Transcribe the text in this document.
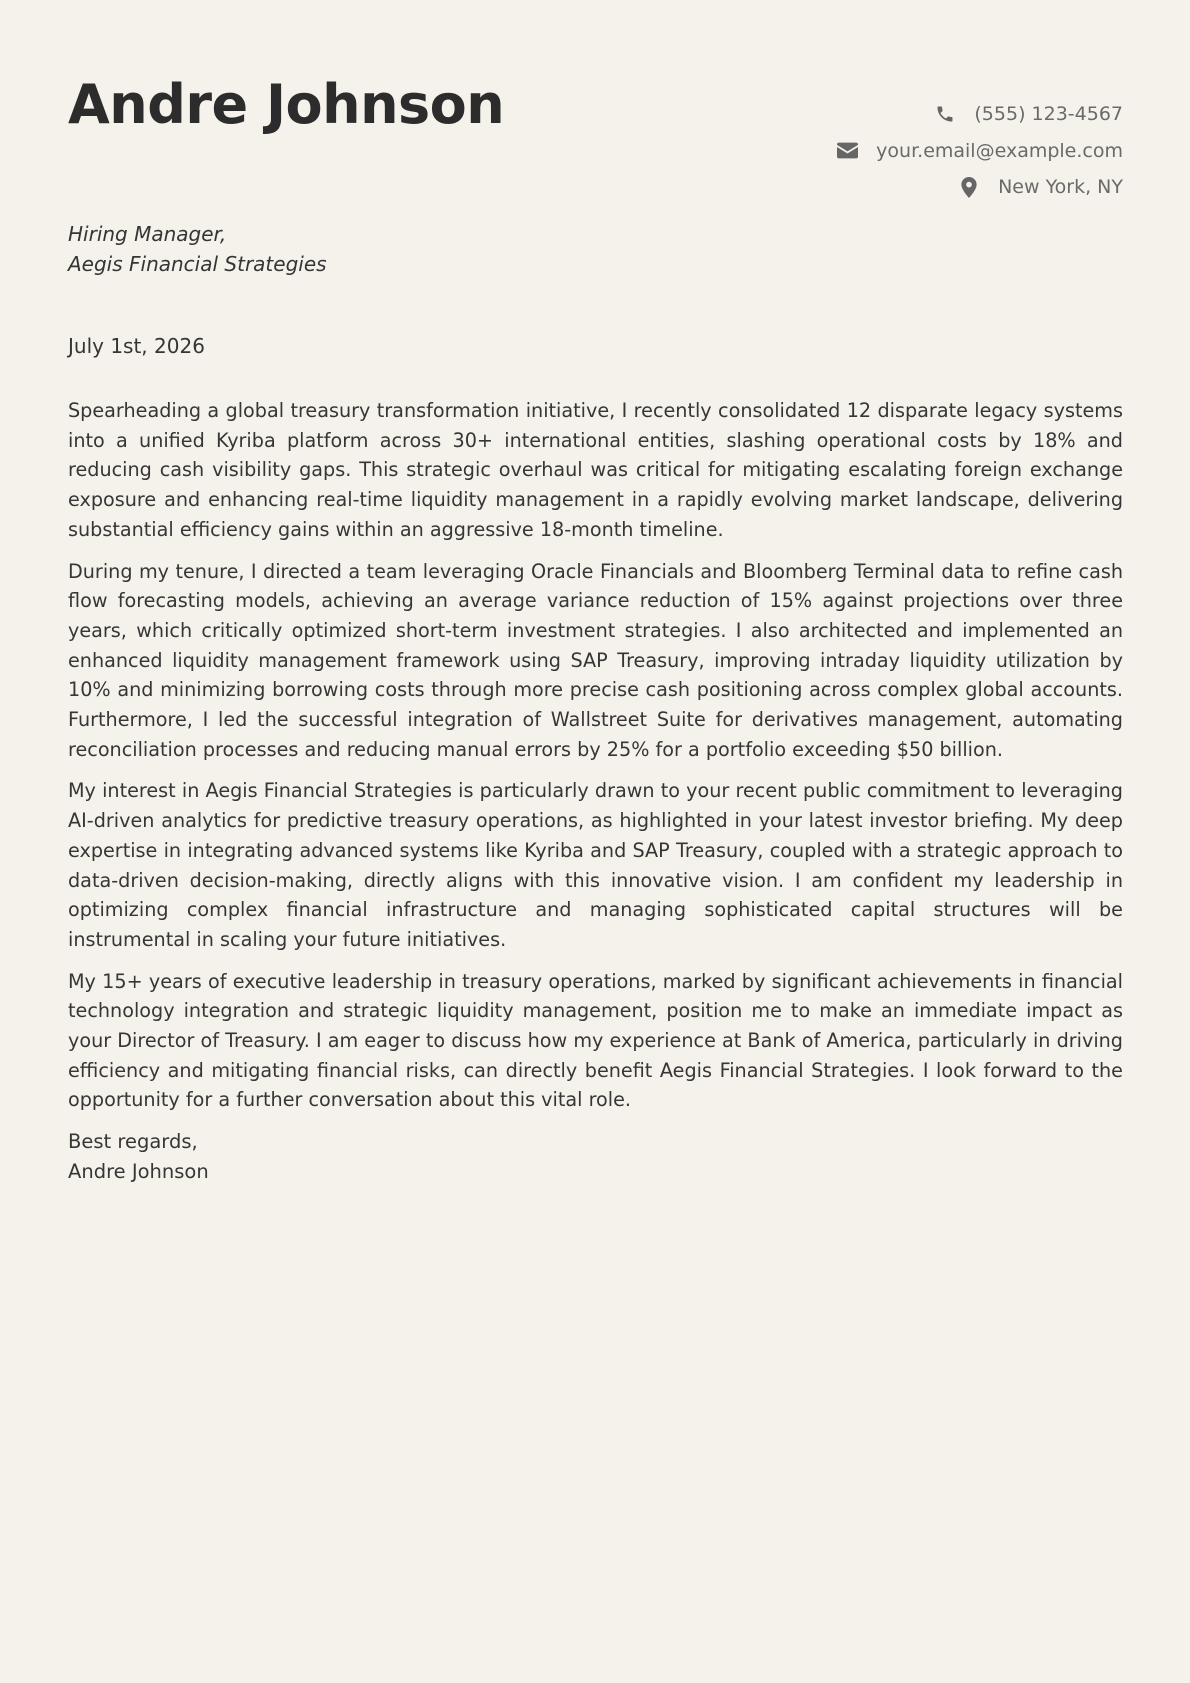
Andre Johnson	(555) 123-4567
your.email@example.com
New York, NY
Hiring Manager,
Aegis Financial Strategies
July 1st, 2026

Spearheading a global treasury transformation initiative, I recently consolidated 12 disparate legacy systems into a unified Kyriba platform across 30+ international entities, slashing operational costs by 18% and reducing cash visibility gaps. This strategic overhaul was critical for mitigating escalating foreign exchange exposure and enhancing real-time liquidity management in a rapidly evolving market landscape, delivering substantial efficiency gains within an aggressive 18-month timeline.

During my tenure, I directed a team leveraging Oracle Financials and Bloomberg Terminal data to refine cash flow forecasting models, achieving an average variance reduction of 15% against projections over three years, which critically optimized short-term investment strategies. I also architected and implemented an enhanced liquidity management framework using SAP Treasury, improving intraday liquidity utilization by 10% and minimizing borrowing costs through more precise cash positioning across complex global accounts. Furthermore, I led the successful integration of Wallstreet Suite for derivatives management, automating reconciliation processes and reducing manual errors by 25% for a portfolio exceeding $50 billion.

My interest in Aegis Financial Strategies is particularly drawn to your recent public commitment to leveraging AI-driven analytics for predictive treasury operations, as highlighted in your latest investor briefing. My deep expertise in integrating advanced systems like Kyriba and SAP Treasury, coupled with a strategic approach to data-driven decision-making, directly aligns with this innovative vision. I am confident my leadership in optimizing complex financial infrastructure and managing sophisticated capital structures will be instrumental in scaling your future initiatives.

My 15+ years of executive leadership in treasury operations, marked by significant achievements in financial technology integration and strategic liquidity management, position me to make an immediate impact as your Director of Treasury. I am eager to discuss how my experience at Bank of America, particularly in driving efficiency and mitigating financial risks, can directly benefit Aegis Financial Strategies. I look forward to the opportunity for a further conversation about this vital role.

Best regards,
Andre Johnson
